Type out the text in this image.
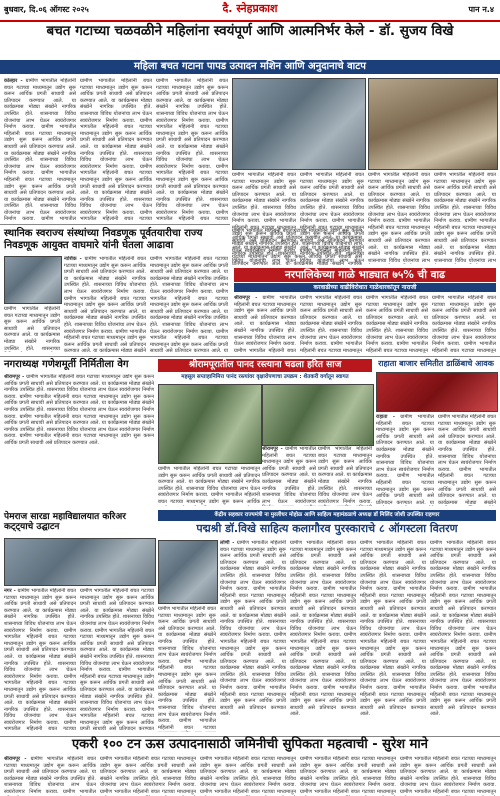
बुधवार, दि.०६ ऑगस्ट २०२५	दै. स्नेहप्रकाश	पान न.४
बचत गटाच्या चळवळीने महिलांना स्वयंपूर्ण आणि आत्मनिर्भर केले - डॉ. सुजय विखे
महिला बचत गटाना पापड उत्पादन मशिन आणि अनुदानाचे वाटप
कोल्हार - ग्रामीण भागातील महिलांनी बचत गटाच्या माध्यमातून उद्योग सुरू करून आर्थिक प्रगती साधावी असे प्रतिपादन करण्यात आले. या कार्यक्रमास मोठ्या संख्येने नागरिक उपस्थित होते. शासनाच्या विविध योजनांचा लाभ घेऊन स्वयंरोजगार निर्माण करावा. ग्रामीण भागातील महिलांनी बचत गटाच्या माध्यमातून उद्योग सुरू करून आर्थिक प्रगती साधावी असे प्रतिपादन करण्यात आले. या कार्यक्रमास मोठ्या संख्येने नागरिक उपस्थित होते. शासनाच्या विविध योजनांचा लाभ घेऊन स्वयंरोजगार निर्माण करावा. ग्रामीण भागातील महिलांनी बचत गटाच्या माध्यमातून उद्योग सुरू करून आर्थिक प्रगती साधावी असे प्रतिपादन करण्यात आले. या कार्यक्रमास मोठ्या संख्येने नागरिक उपस्थित होते. शासनाच्या विविध योजनांचा लाभ घेऊन स्वयंरोजगार निर्माण करावा. ग्रामीण भागातील महिलांनी बचत गटाच्या माध्यमातून उद्योग सुरू करून आर्थिक प्रगती साधावी असे प्रतिपादन करण्यात आले.
ग्रामीण भागातील महिलांनी बचत गटाच्या माध्यमातून उद्योग सुरू करून आर्थिक प्रगती साधावी असे प्रतिपादन करण्यात आले. या कार्यक्रमास मोठ्या संख्येने नागरिक उपस्थित होते. शासनाच्या विविध योजनांचा लाभ घेऊन स्वयंरोजगार निर्माण करावा. ग्रामीण भागातील महिलांनी बचत गटाच्या माध्यमातून उद्योग सुरू करून आर्थिक प्रगती साधावी असे प्रतिपादन करण्यात आले. या कार्यक्रमास मोठ्या संख्येने नागरिक उपस्थित होते. शासनाच्या विविध योजनांचा लाभ घेऊन स्वयंरोजगार निर्माण करावा. ग्रामीण भागातील महिलांनी बचत गटाच्या माध्यमातून उद्योग सुरू करून आर्थिक प्रगती साधावी असे प्रतिपादन करण्यात आले. या कार्यक्रमास मोठ्या संख्येने नागरिक उपस्थित होते. शासनाच्या विविध योजनांचा लाभ घेऊन स्वयंरोजगार निर्माण करावा. ग्रामीण भागातील महिलांनी बचत गटाच्या माध्यमातून उद्योग सुरू करून आर्थिक प्रगती साधावी असे प्रतिपादन करण्यात आले.
ग्रामीण भागातील महिलांनी बचत गटाच्या माध्यमातून उद्योग सुरू करून आर्थिक प्रगती साधावी असे प्रतिपादन करण्यात आले. या कार्यक्रमास मोठ्या संख्येने नागरिक उपस्थित होते. शासनाच्या विविध योजनांचा लाभ घेऊन स्वयंरोजगार निर्माण करावा. ग्रामीण भागातील महिलांनी बचत गटाच्या माध्यमातून उद्योग सुरू करून आर्थिक प्रगती साधावी असे प्रतिपादन करण्यात आले. या कार्यक्रमास मोठ्या संख्येने नागरिक उपस्थित होते. शासनाच्या विविध योजनांचा लाभ घेऊन स्वयंरोजगार निर्माण करावा. ग्रामीण भागातील महिलांनी बचत गटाच्या माध्यमातून उद्योग सुरू करून आर्थिक प्रगती साधावी असे प्रतिपादन करण्यात आले. या कार्यक्रमास मोठ्या संख्येने नागरिक उपस्थित होते. शासनाच्या विविध योजनांचा लाभ घेऊन स्वयंरोजगार निर्माण करावा. ग्रामीण भागातील महिलांनी बचत गटाच्या माध्यमातून उद्योग सुरू करून आर्थिक प्रगती साधावी असे प्रतिपादन करण्यात आले.
ग्रामीण भागातील महिलांनी बचत गटाच्या माध्यमातून उद्योग सुरू करून आर्थिक प्रगती साधावी असे प्रतिपादन करण्यात आले. या कार्यक्रमास मोठ्या संख्येने नागरिक उपस्थित होते. शासनाच्या विविध योजनांचा लाभ घेऊन स्वयंरोजगार निर्माण करावा. ग्रामीण भागातील महिलांनी बचत गटाच्या माध्यमातून उद्योग सुरू करून आर्थिक प्रगती साधावी असे प्रतिपादन करण्यात आले. या कार्यक्रमास मोठ्या संख्येने नागरिक उपस्थित होते. शासनाच्या विविध योजनांचा लाभ घेऊन स्वयंरोजगार निर्माण करावा. ग्रामीण भागातील महिलांनी बचत गटाच्या माध्यमातून उद्योग सुरू करून आर्थिक प्रगती साधावी असे प्रतिपादन करण्यात आले. या कार्यक्रमास मोठ्या संख्येने नागरिक उपस्थित होते. शासनाच्या विविध योजनांचा लाभ घेऊन स्वयंरोजगार निर्माण करावा. ग्रामीण भागातील महिलांनी बचत गटाच्या माध्यमातून उद्योग सुरू करून आर्थिक प्रगती साधावी असे प्रतिपादन करण्यात आले.
ग्रामीण भागातील महिलांनी बचत गटाच्या माध्यमातून उद्योग सुरू करून आर्थिक प्रगती साधावी असे प्रतिपादन करण्यात आले. या कार्यक्रमास मोठ्या संख्येने नागरिक उपस्थित होते. शासनाच्या विविध योजनांचा लाभ घेऊन स्वयंरोजगार निर्माण करावा. ग्रामीण भागातील महिलांनी बचत गटाच्या माध्यमातून उद्योग सुरू करून आर्थिक प्रगती साधावी असे प्रतिपादन करण्यात आले. या कार्यक्रमास मोठ्या संख्येने नागरिक उपस्थित होते. शासनाच्या विविध योजनांचा लाभ घेऊन स्वयंरोजगार निर्माण करावा. ग्रामीण भागातील महिलांनी बचत गटाच्या माध्यमातून उद्योग सुरू करून आर्थिक प्रगती साधावी असे प्रतिपादन करण्यात आले. या कार्यक्रमास मोठ्या संख्येने नागरिक उपस्थित होते. शासनाच्या विविध योजनांचा लाभ घेऊन स्वयंरोजगार निर्माण करावा. ग्रामीण भागातील महिलांनी बचत गटाच्या माध्यमातून उद्योग सुरू करून आर्थिक प्रगती साधावी असे प्रतिपादन करण्यात आले.
ग्रामीण भागातील महिलांनी बचत गटाच्या माध्यमातून उद्योग सुरू करून आर्थिक प्रगती साधावी असे प्रतिपादन करण्यात आले. या कार्यक्रमास मोठ्या संख्येने नागरिक उपस्थित होते. शासनाच्या विविध योजनांचा लाभ घेऊन स्वयंरोजगार निर्माण करावा. ग्रामीण भागातील महिलांनी बचत गटाच्या माध्यमातून उद्योग सुरू करून आर्थिक प्रगती साधावी असे प्रतिपादन करण्यात आले. या कार्यक्रमास मोठ्या संख्येने नागरिक उपस्थित होते. शासनाच्या विविध योजनांचा लाभ घेऊन स्वयंरोजगार निर्माण करावा. ग्रामीण भागातील महिलांनी बचत गटाच्या माध्यमातून उद्योग सुरू करून आर्थिक प्रगती साधावी असे प्रतिपादन करण्यात आले. या कार्यक्रमास मोठ्या संख्येने नागरिक उपस्थित होते. शासनाच्या विविध योजनांचा लाभ घेऊन स्वयंरोजगार निर्माण करावा. ग्रामीण भागातील महिलांनी बचत गटाच्या माध्यमातून उद्योग सुरू करून आर्थिक प्रगती साधावी असे प्रतिपादन करण्यात आले.
ग्रामीण भागातील महिलांनी बचत गटाच्या माध्यमातून उद्योग सुरू करून आर्थिक प्रगती साधावी असे प्रतिपादन करण्यात आले. या कार्यक्रमास मोठ्या संख्येने नागरिक उपस्थित होते. शासनाच्या विविध योजनांचा लाभ घेऊन स्वयंरोजगार निर्माण करावा. ग्रामीण भागातील महिलांनी बचत गटाच्या माध्यमातून उद्योग सुरू करून आर्थिक प्रगती साधावी असे प्रतिपादन करण्यात आले. या कार्यक्रमास मोठ्या संख्येने नागरिक उपस्थित होते. शासनाच्या विविध योजनांचा लाभ घेऊन स्वयंरोजगार निर्माण करावा. ग्रामीण भागातील महिलांनी बचत गटाच्या माध्यमातून उद्योग सुरू करून आर्थिक प्रगती साधावी असे प्रतिपादन करण्यात आले. या कार्यक्रमास मोठ्या संख्येने नागरिक उपस्थित होते. शासनाच्या विविध योजनांचा लाभ घेऊन स्वयंरोजगार निर्माण करावा. ग्रामीण भागातील महिलांनी बचत गटाच्या माध्यमातून उद्योग सुरू करून आर्थिक प्रगती साधावी असे प्रतिपादन करण्यात आले.
स्थानिक स्वराज्य संस्थांच्या निवडणूक पूर्वतयारीचा राज्य निवडणूक आयुक्त वाघमारे यांनी घेतला आढावा
नाशिक - ग्रामीण भागातील महिलांनी बचत गटाच्या माध्यमातून उद्योग सुरू करून आर्थिक प्रगती साधावी असे प्रतिपादन करण्यात आले. या कार्यक्रमास मोठ्या संख्येने नागरिक उपस्थित होते. शासनाच्या विविध योजनांचा लाभ घेऊन स्वयंरोजगार निर्माण करावा. ग्रामीण भागातील महिलांनी बचत गटाच्या माध्यमातून उद्योग सुरू करून आर्थिक प्रगती साधावी असे प्रतिपादन करण्यात आले. या कार्यक्रमास मोठ्या संख्येने नागरिक उपस्थित होते. शासनाच्या विविध योजनांचा लाभ घेऊन स्वयंरोजगार निर्माण करावा. ग्रामीण भागातील महिलांनी बचत गटाच्या माध्यमातून उद्योग सुरू करून आर्थिक प्रगती साधावी असे प्रतिपादन करण्यात आले. या कार्यक्रमास मोठ्या संख्येने नागरिक उपस्थित होते. शासनाच्या विविध योजनांचा लाभ घेऊन स्वयंरोजगार निर्माण करावा. ग्रामीण भागातील महिलांनी बचत गटाच्या माध्यमातून उद्योग सुरू करून आर्थिक प्रगती साधावी असे प्रतिपादन करण्यात आले.
ग्रामीण भागातील महिलांनी बचत गटाच्या माध्यमातून उद्योग सुरू करून आर्थिक प्रगती साधावी असे प्रतिपादन करण्यात आले. या कार्यक्रमास मोठ्या संख्येने नागरिक उपस्थित होते. शासनाच्या विविध योजनांचा लाभ घेऊन स्वयंरोजगार निर्माण करावा. ग्रामीण भागातील महिलांनी बचत गटाच्या माध्यमातून उद्योग सुरू करून आर्थिक प्रगती साधावी असे प्रतिपादन करण्यात आले. या कार्यक्रमास मोठ्या संख्येने नागरिक उपस्थित होते. शासनाच्या विविध योजनांचा लाभ घेऊन स्वयंरोजगार निर्माण करावा. ग्रामीण भागातील महिलांनी बचत गटाच्या माध्यमातून उद्योग सुरू करून आर्थिक प्रगती साधावी असे प्रतिपादन करण्यात आले. या कार्यक्रमास मोठ्या संख्येने नागरिक उपस्थित होते. शासनाच्या विविध योजनांचा लाभ घेऊन स्वयंरोजगार निर्माण करावा. ग्रामीण भागातील महिलांनी बचत गटाच्या माध्यमातून उद्योग सुरू करून आर्थिक प्रगती साधावी असे प्रतिपादन करण्यात आले.
ग्रामीण भागातील महिलांनी बचत गटाच्या माध्यमातून उद्योग सुरू करून आर्थिक प्रगती साधावी असे प्रतिपादन करण्यात आले. या कार्यक्रमास मोठ्या संख्येने नागरिक उपस्थित होते. शासनाच्या विविध योजनांचा लाभ घेऊन स्वयंरोजगार निर्माण करावा. ग्रामीण भागातील महिलांनी बचत गटाच्या माध्यमातून उद्योग सुरू करून आर्थिक प्रगती साधावी असे प्रतिपादन करण्यात आले. या कार्यक्रमास मोठ्या संख्येने नागरिक उपस्थित होते. शासनाच्या विविध योजनांचा लाभ घेऊन स्वयंरोजगार निर्माण करावा. ग्रामीण भागातील महिलांनी बचत गटाच्या माध्यमातून उद्योग सुरू करून आर्थिक प्रगती साधावी असे प्रतिपादन करण्यात आले. या कार्यक्रमास मोठ्या संख्येने नागरिक उपस्थित होते. शासनाच्या विविध योजनांचा लाभ घेऊन स्वयंरोजगार निर्माण करावा. ग्रामीण भागातील महिलांनी बचत गटाच्या माध्यमातून उद्योग सुरू करून आर्थिक प्रगती साधावी असे प्रतिपादन करण्यात आले.
ग्रामीण भागातील महिलांनी बचत गटाच्या माध्यमातून उद्योग सुरू करून आर्थिक प्रगती साधावी असे प्रतिपादन करण्यात आले. या कार्यक्रमास मोठ्या संख्येने नागरिक उपस्थित होते. शासनाच्या विविध योजनांचा लाभ घेऊन स्वयंरोजगार निर्माण करावा. ग्रामीण भागातील महिलांनी बचत गटाच्या माध्यमातून उद्योग सुरू करून आर्थिक प्रगती साधावी असे प्रतिपादन करण्यात आले. या कार्यक्रमास मोठ्या संख्येने नागरिक उपस्थित होते. शासनाच्या विविध योजनांचा लाभ घेऊन स्वयंरोजगार निर्माण करावा. ग्रामीण भागातील महिलांनी बचत गटाच्या माध्यमातून उद्योग सुरू करून आर्थिक प्रगती साधावी असे प्रतिपादन करण्यात आले. या कार्यक्रमास मोठ्या संख्येने नागरिक उपस्थित होते. शासनाच्या विविध योजनांचा लाभ घेऊन स्वयंरोजगार निर्माण करावा. ग्रामीण भागातील महिलांनी बचत गटाच्या माध्यमातून उद्योग सुरू करून आर्थिक प्रगती साधावी असे प्रतिपादन करण्यात आले.
नरपालिकेच्या गाळे भाड्यात ७५% ची वाढ
करवाढीच्या वाढीविरोधात गाळेधारकांतून नाराजी
श्रीरामपूर - ग्रामीण भागातील महिलांनी बचत गटाच्या माध्यमातून उद्योग सुरू करून आर्थिक प्रगती साधावी असे प्रतिपादन करण्यात आले. या कार्यक्रमास मोठ्या संख्येने नागरिक उपस्थित होते. शासनाच्या विविध योजनांचा लाभ घेऊन स्वयंरोजगार निर्माण करावा. ग्रामीण भागातील महिलांनी बचत गटाच्या माध्यमातून उद्योग सुरू करून आर्थिक प्रगती साधावी असे प्रतिपादन करण्यात आले. या कार्यक्रमास मोठ्या संख्येने नागरिक उपस्थित होते. शासनाच्या विविध योजनांचा लाभ घेऊन स्वयंरोजगार निर्माण करावा. ग्रामीण भागातील महिलांनी बचत गटाच्या माध्यमातून उद्योग सुरू करून आर्थिक प्रगती साधावी असे प्रतिपादन करण्यात आले. या कार्यक्रमास मोठ्या संख्येने नागरिक उपस्थित होते. शासनाच्या विविध योजनांचा लाभ घेऊन स्वयंरोजगार निर्माण करावा. ग्रामीण भागातील महिलांनी बचत गटाच्या माध्यमातून उद्योग सुरू करून आर्थिक प्रगती साधावी असे प्रतिपादन करण्यात आले.
ग्रामीण भागातील महिलांनी बचत गटाच्या माध्यमातून उद्योग सुरू करून आर्थिक प्रगती साधावी असे प्रतिपादन करण्यात आले. या कार्यक्रमास मोठ्या संख्येने नागरिक उपस्थित होते. शासनाच्या विविध योजनांचा लाभ घेऊन स्वयंरोजगार निर्माण करावा. ग्रामीण भागातील महिलांनी बचत गटाच्या माध्यमातून उद्योग सुरू करून आर्थिक प्रगती साधावी असे प्रतिपादन करण्यात आले. या कार्यक्रमास मोठ्या संख्येने नागरिक उपस्थित होते. शासनाच्या विविध योजनांचा लाभ घेऊन स्वयंरोजगार निर्माण करावा. ग्रामीण भागातील महिलांनी बचत गटाच्या माध्यमातून उद्योग सुरू करून आर्थिक प्रगती साधावी असे प्रतिपादन करण्यात आले. या कार्यक्रमास मोठ्या संख्येने नागरिक उपस्थित होते. शासनाच्या विविध योजनांचा लाभ घेऊन स्वयंरोजगार निर्माण करावा. ग्रामीण भागातील महिलांनी बचत गटाच्या माध्यमातून उद्योग सुरू करून आर्थिक प्रगती साधावी असे प्रतिपादन करण्यात आले.
ग्रामीण भागातील महिलांनी बचत गटाच्या माध्यमातून उद्योग सुरू करून आर्थिक प्रगती साधावी असे प्रतिपादन करण्यात आले. या कार्यक्रमास मोठ्या संख्येने नागरिक उपस्थित होते. शासनाच्या विविध योजनांचा लाभ घेऊन स्वयंरोजगार निर्माण करावा. ग्रामीण भागातील महिलांनी बचत गटाच्या माध्यमातून उद्योग सुरू करून आर्थिक प्रगती साधावी असे प्रतिपादन करण्यात आले. या कार्यक्रमास मोठ्या संख्येने नागरिक उपस्थित होते. शासनाच्या विविध योजनांचा लाभ घेऊन स्वयंरोजगार निर्माण करावा. ग्रामीण भागातील महिलांनी बचत गटाच्या माध्यमातून उद्योग सुरू करून आर्थिक प्रगती साधावी असे प्रतिपादन करण्यात आले. या कार्यक्रमास मोठ्या संख्येने नागरिक उपस्थित होते. शासनाच्या विविध योजनांचा लाभ घेऊन स्वयंरोजगार निर्माण करावा. ग्रामीण भागातील महिलांनी बचत गटाच्या माध्यमातून उद्योग सुरू करून आर्थिक प्रगती साधावी असे प्रतिपादन करण्यात आले.
ग्रामीण भागातील महिलांनी बचत गटाच्या माध्यमातून उद्योग सुरू करून आर्थिक प्रगती साधावी असे प्रतिपादन करण्यात आले. या कार्यक्रमास मोठ्या संख्येने नागरिक उपस्थित होते. शासनाच्या विविध योजनांचा लाभ घेऊन स्वयंरोजगार निर्माण करावा. ग्रामीण भागातील महिलांनी बचत गटाच्या माध्यमातून उद्योग सुरू करून आर्थिक प्रगती साधावी असे प्रतिपादन करण्यात आले. या कार्यक्रमास मोठ्या संख्येने नागरिक उपस्थित होते. शासनाच्या विविध योजनांचा लाभ घेऊन स्वयंरोजगार निर्माण करावा. ग्रामीण भागातील महिलांनी बचत गटाच्या माध्यमातून उद्योग सुरू करून आर्थिक प्रगती साधावी असे प्रतिपादन करण्यात आले. या कार्यक्रमास मोठ्या संख्येने नागरिक उपस्थित होते. शासनाच्या विविध योजनांचा लाभ घेऊन स्वयंरोजगार निर्माण करावा. ग्रामीण भागातील महिलांनी बचत गटाच्या माध्यमातून उद्योग सुरू करून आर्थिक प्रगती साधावी असे प्रतिपादन करण्यात आले.
नगराध्यक्ष गणेशमूर्ती निर्मितीला वेग
श्रीरामपूर - ग्रामीण भागातील महिलांनी बचत गटाच्या माध्यमातून उद्योग सुरू करून आर्थिक प्रगती साधावी असे प्रतिपादन करण्यात आले. या कार्यक्रमास मोठ्या संख्येने नागरिक उपस्थित होते. शासनाच्या विविध योजनांचा लाभ घेऊन स्वयंरोजगार निर्माण करावा. ग्रामीण भागातील महिलांनी बचत गटाच्या माध्यमातून उद्योग सुरू करून आर्थिक प्रगती साधावी असे प्रतिपादन करण्यात आले. या कार्यक्रमास मोठ्या संख्येने नागरिक उपस्थित होते. शासनाच्या विविध योजनांचा लाभ घेऊन स्वयंरोजगार निर्माण करावा. ग्रामीण भागातील महिलांनी बचत गटाच्या माध्यमातून उद्योग सुरू करून आर्थिक प्रगती साधावी असे प्रतिपादन करण्यात आले. या कार्यक्रमास मोठ्या संख्येने नागरिक उपस्थित होते. शासनाच्या विविध योजनांचा लाभ घेऊन स्वयंरोजगार निर्माण करावा. ग्रामीण भागातील महिलांनी बचत गटाच्या माध्यमातून उद्योग सुरू करून आर्थिक प्रगती साधावी असे प्रतिपादन करण्यात आले.
श्रीरामपूरातील पानद रस्त्याना चढला हरित साज
महसूल सप्ताहानिमित्त पानंद रस्त्यांवर वृक्षारोपणाचा उपक्रम : शेतकरी वर्गातून स्वागत
श्रीरामपूर - ग्रामीण भागातील महिलांनी बचत गटाच्या माध्यमातून उद्योग सुरू करून आर्थिक प्रगती साधावी असे प्रतिपादन करण्यात आले. या कार्यक्रमास मोठ्या संख्येने नागरिक उपस्थित होते. शासनाच्या विविध योजनांचा लाभ घेऊन स्वयंरोजगार निर्माण करावा. ग्रामीण भागातील महिलांनी बचत गटाच्या माध्यमातून उद्योग सुरू करून आर्थिक प्रगती साधावी असे प्रतिपादन करण्यात आले. या कार्यक्रमास मोठ्या संख्येने नागरिक उपस्थित होते. शासनाच्या विविध योजनांचा लाभ घेऊन स्वयंरोजगार निर्माण करावा. ग्रामीण भागातील महिलांनी बचत गटाच्या माध्यमातून उद्योग सुरू करून आर्थिक प्रगती साधावी असे प्रतिपादन करण्यात आले. या कार्यक्रमास मोठ्या संख्येने नागरिक उपस्थित होते. शासनाच्या विविध योजनांचा लाभ घेऊन स्वयंरोजगार निर्माण करावा. ग्रामीण भागातील महिलांनी बचत गटाच्या माध्यमातून उद्योग सुरू करून आर्थिक प्रगती साधावी असे प्रतिपादन करण्यात आले.
ग्रामीण भागातील महिलांनी बचत गटाच्या माध्यमातून उद्योग सुरू करून आर्थिक प्रगती साधावी असे प्रतिपादन करण्यात आले. या कार्यक्रमास मोठ्या संख्येने नागरिक उपस्थित होते. शासनाच्या विविध योजनांचा लाभ घेऊन स्वयंरोजगार निर्माण करावा. ग्रामीण भागातील महिलांनी बचत गटाच्या माध्यमातून उद्योग सुरू करून आर्थिक प्रगती साधावी असे प्रतिपादन करण्यात आले. या कार्यक्रमास मोठ्या संख्येने नागरिक उपस्थित होते. शासनाच्या विविध योजनांचा लाभ घेऊन स्वयंरोजगार निर्माण करावा. ग्रामीण भागातील महिलांनी बचत गटाच्या माध्यमातून उद्योग सुरू करून आर्थिक प्रगती साधावी असे प्रतिपादन करण्यात आले. या कार्यक्रमास मोठ्या संख्येने नागरिक उपस्थित होते. शासनाच्या विविध योजनांचा लाभ घेऊन स्वयंरोजगार निर्माण करावा. ग्रामीण भागातील महिलांनी बचत गटाच्या माध्यमातून उद्योग सुरू करून आर्थिक प्रगती साधावी असे प्रतिपादन करण्यात आले.
ग्रामीण भागातील महिलांनी बचत गटाच्या माध्यमातून उद्योग सुरू करून आर्थिक प्रगती साधावी असे प्रतिपादन करण्यात आले. या कार्यक्रमास मोठ्या संख्येने नागरिक उपस्थित होते. शासनाच्या विविध योजनांचा लाभ घेऊन स्वयंरोजगार निर्माण करावा. ग्रामीण भागातील महिलांनी बचत गटाच्या माध्यमातून उद्योग सुरू करून आर्थिक प्रगती साधावी असे प्रतिपादन करण्यात आले. या कार्यक्रमास मोठ्या संख्येने नागरिक उपस्थित होते. शासनाच्या विविध योजनांचा लाभ घेऊन स्वयंरोजगार निर्माण करावा. ग्रामीण भागातील महिलांनी बचत गटाच्या माध्यमातून उद्योग सुरू करून आर्थिक प्रगती साधावी असे प्रतिपादन करण्यात आले. या कार्यक्रमास मोठ्या संख्येने नागरिक उपस्थित होते. शासनाच्या विविध योजनांचा लाभ घेऊन स्वयंरोजगार निर्माण करावा. ग्रामीण भागातील महिलांनी बचत गटाच्या माध्यमातून उद्योग सुरू करून आर्थिक प्रगती साधावी असे प्रतिपादन करण्यात आले.
राहाता बाजार समितीत डाळिंबाचे आवक
राहाता - ग्रामीण भागातील महिलांनी बचत गटाच्या माध्यमातून उद्योग सुरू करून आर्थिक प्रगती साधावी असे प्रतिपादन करण्यात आले. या कार्यक्रमास मोठ्या संख्येने नागरिक उपस्थित होते. शासनाच्या विविध योजनांचा लाभ घेऊन स्वयंरोजगार निर्माण करावा. ग्रामीण भागातील महिलांनी बचत गटाच्या माध्यमातून उद्योग सुरू करून आर्थिक प्रगती साधावी असे प्रतिपादन करण्यात आले. या कार्यक्रमास मोठ्या संख्येने नागरिक उपस्थित होते. शासनाच्या विविध योजनांचा लाभ घेऊन स्वयंरोजगार निर्माण करावा. ग्रामीण भागातील महिलांनी बचत गटाच्या माध्यमातून उद्योग सुरू करून आर्थिक प्रगती साधावी असे प्रतिपादन करण्यात आले. या कार्यक्रमास मोठ्या संख्येने नागरिक उपस्थित होते. शासनाच्या विविध योजनांचा लाभ घेऊन स्वयंरोजगार निर्माण करावा. ग्रामीण भागातील महिलांनी बचत गटाच्या माध्यमातून उद्योग सुरू करून आर्थिक प्रगती साधावी असे प्रतिपादन करण्यात आले.
ग्रामीण भागातील महिलांनी बचत गटाच्या माध्यमातून उद्योग सुरू करून आर्थिक प्रगती साधावी असे प्रतिपादन करण्यात आले. या कार्यक्रमास मोठ्या संख्येने नागरिक उपस्थित होते. शासनाच्या विविध योजनांचा लाभ घेऊन स्वयंरोजगार निर्माण करावा. ग्रामीण भागातील महिलांनी बचत गटाच्या माध्यमातून उद्योग सुरू करून आर्थिक प्रगती साधावी असे प्रतिपादन करण्यात आले. या कार्यक्रमास मोठ्या संख्येने नागरिक उपस्थित होते. शासनाच्या विविध योजनांचा लाभ घेऊन स्वयंरोजगार निर्माण करावा. ग्रामीण भागातील महिलांनी बचत गटाच्या माध्यमातून उद्योग सुरू करून आर्थिक प्रगती साधावी असे प्रतिपादन करण्यात आले. या कार्यक्रमास मोठ्या संख्येने नागरिक उपस्थित होते. शासनाच्या विविध योजनांचा लाभ घेऊन स्वयंरोजगार निर्माण करावा. ग्रामीण भागातील महिलांनी बचत गटाच्या माध्यमातून उद्योग सुरू करून आर्थिक प्रगती साधावी असे प्रतिपादन करण्यात आले.
पेमराज सारडा महाविद्यालयात करिअर कट्ट्याचे उद्घाटन
नगर - ग्रामीण भागातील महिलांनी बचत गटाच्या माध्यमातून उद्योग सुरू करून आर्थिक प्रगती साधावी असे प्रतिपादन करण्यात आले. या कार्यक्रमास मोठ्या संख्येने नागरिक उपस्थित होते. शासनाच्या विविध योजनांचा लाभ घेऊन स्वयंरोजगार निर्माण करावा. ग्रामीण भागातील महिलांनी बचत गटाच्या माध्यमातून उद्योग सुरू करून आर्थिक प्रगती साधावी असे प्रतिपादन करण्यात आले. या कार्यक्रमास मोठ्या संख्येने नागरिक उपस्थित होते. शासनाच्या विविध योजनांचा लाभ घेऊन स्वयंरोजगार निर्माण करावा. ग्रामीण भागातील महिलांनी बचत गटाच्या माध्यमातून उद्योग सुरू करून आर्थिक प्रगती साधावी असे प्रतिपादन करण्यात आले. या कार्यक्रमास मोठ्या संख्येने नागरिक उपस्थित होते. शासनाच्या विविध योजनांचा लाभ घेऊन स्वयंरोजगार निर्माण करावा. ग्रामीण भागातील महिलांनी बचत गटाच्या माध्यमातून उद्योग सुरू करून आर्थिक प्रगती साधावी असे प्रतिपादन करण्यात आले.
ग्रामीण भागातील महिलांनी बचत गटाच्या माध्यमातून उद्योग सुरू करून आर्थिक प्रगती साधावी असे प्रतिपादन करण्यात आले. या कार्यक्रमास मोठ्या संख्येने नागरिक उपस्थित होते. शासनाच्या विविध योजनांचा लाभ घेऊन स्वयंरोजगार निर्माण करावा. ग्रामीण भागातील महिलांनी बचत गटाच्या माध्यमातून उद्योग सुरू करून आर्थिक प्रगती साधावी असे प्रतिपादन करण्यात आले. या कार्यक्रमास मोठ्या संख्येने नागरिक उपस्थित होते. शासनाच्या विविध योजनांचा लाभ घेऊन स्वयंरोजगार निर्माण करावा. ग्रामीण भागातील महिलांनी बचत गटाच्या माध्यमातून उद्योग सुरू करून आर्थिक प्रगती साधावी असे प्रतिपादन करण्यात आले. या कार्यक्रमास मोठ्या संख्येने नागरिक उपस्थित होते. शासनाच्या विविध योजनांचा लाभ घेऊन स्वयंरोजगार निर्माण करावा. ग्रामीण भागातील महिलांनी बचत गटाच्या माध्यमातून उद्योग सुरू करून आर्थिक प्रगती साधावी असे प्रतिपादन करण्यात आले.
केंद्रीय सहकार राज्यमंत्री ना मुरलीधर मोहोळ आणि साहित्य महामंडळाचे अध्यक्ष डॉ मिलिंद जोशी उपस्थित राहणार
पद्मश्री डॉ.विखे साहित्य कलागौरव पुरस्काराचे ८ ऑगस्टला वितरण
लोणी - ग्रामीण भागातील महिलांनी बचत गटाच्या माध्यमातून उद्योग सुरू करून आर्थिक प्रगती साधावी असे प्रतिपादन करण्यात आले. या कार्यक्रमास मोठ्या संख्येने नागरिक उपस्थित होते. शासनाच्या विविध योजनांचा लाभ घेऊन स्वयंरोजगार निर्माण करावा. ग्रामीण भागातील महिलांनी बचत गटाच्या माध्यमातून उद्योग सुरू करून आर्थिक प्रगती साधावी असे प्रतिपादन करण्यात आले. या कार्यक्रमास मोठ्या संख्येने नागरिक उपस्थित होते. शासनाच्या विविध योजनांचा लाभ घेऊन स्वयंरोजगार निर्माण करावा. ग्रामीण भागातील महिलांनी बचत गटाच्या माध्यमातून उद्योग सुरू करून आर्थिक प्रगती साधावी असे प्रतिपादन करण्यात आले. या कार्यक्रमास मोठ्या संख्येने नागरिक उपस्थित होते. शासनाच्या विविध योजनांचा लाभ घेऊन स्वयंरोजगार निर्माण करावा. ग्रामीण भागातील महिलांनी बचत गटाच्या माध्यमातून उद्योग सुरू करून आर्थिक प्रगती साधावी असे प्रतिपादन करण्यात आले.
ग्रामीण भागातील महिलांनी बचत गटाच्या माध्यमातून उद्योग सुरू करून आर्थिक प्रगती साधावी असे प्रतिपादन करण्यात आले. या कार्यक्रमास मोठ्या संख्येने नागरिक उपस्थित होते. शासनाच्या विविध योजनांचा लाभ घेऊन स्वयंरोजगार निर्माण करावा. ग्रामीण भागातील महिलांनी बचत गटाच्या माध्यमातून उद्योग सुरू करून आर्थिक प्रगती साधावी असे प्रतिपादन करण्यात आले. या कार्यक्रमास मोठ्या संख्येने नागरिक उपस्थित होते. शासनाच्या विविध योजनांचा लाभ घेऊन स्वयंरोजगार निर्माण करावा. ग्रामीण भागातील महिलांनी बचत गटाच्या माध्यमातून उद्योग सुरू करून आर्थिक प्रगती साधावी असे प्रतिपादन करण्यात आले. या कार्यक्रमास मोठ्या संख्येने नागरिक उपस्थित होते. शासनाच्या विविध योजनांचा लाभ घेऊन स्वयंरोजगार निर्माण करावा. ग्रामीण भागातील महिलांनी बचत गटाच्या माध्यमातून उद्योग सुरू करून आर्थिक प्रगती साधावी असे प्रतिपादन करण्यात आले.
ग्रामीण भागातील महिलांनी बचत गटाच्या माध्यमातून उद्योग सुरू करून आर्थिक प्रगती साधावी असे प्रतिपादन करण्यात आले. या कार्यक्रमास मोठ्या संख्येने नागरिक उपस्थित होते. शासनाच्या विविध योजनांचा लाभ घेऊन स्वयंरोजगार निर्माण करावा. ग्रामीण भागातील महिलांनी बचत गटाच्या माध्यमातून उद्योग सुरू करून आर्थिक प्रगती साधावी असे प्रतिपादन करण्यात आले. या कार्यक्रमास मोठ्या संख्येने नागरिक उपस्थित होते. शासनाच्या विविध योजनांचा लाभ घेऊन स्वयंरोजगार निर्माण करावा. ग्रामीण भागातील महिलांनी बचत गटाच्या माध्यमातून उद्योग सुरू करून आर्थिक प्रगती साधावी असे प्रतिपादन करण्यात आले. या कार्यक्रमास मोठ्या संख्येने नागरिक उपस्थित होते. शासनाच्या विविध योजनांचा लाभ घेऊन स्वयंरोजगार निर्माण करावा. ग्रामीण भागातील महिलांनी बचत गटाच्या माध्यमातून उद्योग सुरू करून आर्थिक प्रगती साधावी असे प्रतिपादन करण्यात आले.
ग्रामीण भागातील महिलांनी बचत गटाच्या माध्यमातून उद्योग सुरू करून आर्थिक प्रगती साधावी असे प्रतिपादन करण्यात आले. या कार्यक्रमास मोठ्या संख्येने नागरिक उपस्थित होते. शासनाच्या विविध योजनांचा लाभ घेऊन स्वयंरोजगार निर्माण करावा. ग्रामीण भागातील महिलांनी बचत गटाच्या माध्यमातून उद्योग सुरू करून आर्थिक प्रगती साधावी असे प्रतिपादन करण्यात आले. या कार्यक्रमास मोठ्या संख्येने नागरिक उपस्थित होते. शासनाच्या विविध योजनांचा लाभ घेऊन स्वयंरोजगार निर्माण करावा. ग्रामीण भागातील महिलांनी बचत गटाच्या माध्यमातून उद्योग सुरू करून आर्थिक प्रगती साधावी असे प्रतिपादन करण्यात आले. या कार्यक्रमास मोठ्या संख्येने नागरिक उपस्थित होते. शासनाच्या विविध योजनांचा लाभ घेऊन स्वयंरोजगार निर्माण करावा. ग्रामीण भागातील महिलांनी बचत गटाच्या माध्यमातून उद्योग सुरू करून आर्थिक प्रगती साधावी असे प्रतिपादन करण्यात आले.
ग्रामीण भागातील महिलांनी बचत गटाच्या माध्यमातून उद्योग सुरू करून आर्थिक प्रगती साधावी असे प्रतिपादन करण्यात आले. या कार्यक्रमास मोठ्या संख्येने नागरिक उपस्थित होते. शासनाच्या विविध योजनांचा लाभ घेऊन स्वयंरोजगार निर्माण करावा. ग्रामीण भागातील महिलांनी बचत गटाच्या माध्यमातून उद्योग सुरू करून आर्थिक प्रगती साधावी असे प्रतिपादन करण्यात आले. या कार्यक्रमास मोठ्या संख्येने नागरिक उपस्थित होते. शासनाच्या विविध योजनांचा लाभ घेऊन स्वयंरोजगार निर्माण करावा. ग्रामीण भागातील महिलांनी बचत गटाच्या माध्यमातून उद्योग सुरू करून आर्थिक प्रगती साधावी असे प्रतिपादन करण्यात आले. या कार्यक्रमास मोठ्या संख्येने नागरिक उपस्थित होते. शासनाच्या विविध योजनांचा लाभ घेऊन स्वयंरोजगार निर्माण करावा. ग्रामीण भागातील महिलांनी बचत गटाच्या माध्यमातून उद्योग सुरू करून आर्थिक प्रगती साधावी असे प्रतिपादन करण्यात आले.
एकरी १०० टन ऊस उत्पादनासाठी जमिनीची सुपिकता महत्वाची - सुरेश माने
श्रीरामपूर - ग्रामीण भागातील महिलांनी बचत गटाच्या माध्यमातून उद्योग सुरू करून आर्थिक प्रगती साधावी असे प्रतिपादन करण्यात आले. या कार्यक्रमास मोठ्या संख्येने नागरिक उपस्थित होते. शासनाच्या विविध योजनांचा लाभ घेऊन स्वयंरोजगार निर्माण करावा. ग्रामीण भागातील महिलांनी बचत गटाच्या माध्यमातून उद्योग सुरू करून आर्थिक प्रगती साधावी असे प्रतिपादन करण्यात आले. या कार्यक्रमास मोठ्या संख्येने नागरिक उपस्थित होते. शासनाच्या विविध योजनांचा लाभ घेऊन स्वयंरोजगार निर्माण करावा. ग्रामीण भागातील महिलांनी बचत गटाच्या माध्यमातून उद्योग सुरू करून आर्थिक प्रगती साधावी असे प्रतिपादन करण्यात आले. या कार्यक्रमास मोठ्या संख्येने नागरिक उपस्थित होते. शासनाच्या विविध योजनांचा लाभ घेऊन स्वयंरोजगार निर्माण करावा. ग्रामीण भागातील महिलांनी बचत गटाच्या माध्यमातून उद्योग सुरू करून आर्थिक प्रगती साधावी असे प्रतिपादन करण्यात आले.
ग्रामीण भागातील महिलांनी बचत गटाच्या माध्यमातून उद्योग सुरू करून आर्थिक प्रगती साधावी असे प्रतिपादन करण्यात आले. या कार्यक्रमास मोठ्या संख्येने नागरिक उपस्थित होते. शासनाच्या विविध योजनांचा लाभ घेऊन स्वयंरोजगार निर्माण करावा. ग्रामीण भागातील महिलांनी बचत गटाच्या माध्यमातून उद्योग सुरू करून आर्थिक प्रगती साधावी असे प्रतिपादन करण्यात आले. या कार्यक्रमास मोठ्या संख्येने नागरिक उपस्थित होते. शासनाच्या विविध योजनांचा लाभ घेऊन स्वयंरोजगार निर्माण करावा. ग्रामीण भागातील महिलांनी बचत गटाच्या माध्यमातून उद्योग सुरू करून आर्थिक प्रगती साधावी असे प्रतिपादन करण्यात आले. या कार्यक्रमास मोठ्या संख्येने नागरिक उपस्थित होते. शासनाच्या विविध योजनांचा लाभ घेऊन स्वयंरोजगार निर्माण करावा. ग्रामीण भागातील महिलांनी बचत गटाच्या माध्यमातून उद्योग सुरू करून आर्थिक प्रगती साधावी असे प्रतिपादन करण्यात आले.
ग्रामीण भागातील महिलांनी बचत गटाच्या माध्यमातून उद्योग सुरू करून आर्थिक प्रगती साधावी असे प्रतिपादन करण्यात आले. या कार्यक्रमास मोठ्या संख्येने नागरिक उपस्थित होते. शासनाच्या विविध योजनांचा लाभ घेऊन स्वयंरोजगार निर्माण करावा. ग्रामीण भागातील महिलांनी बचत गटाच्या माध्यमातून उद्योग सुरू करून आर्थिक प्रगती साधावी असे प्रतिपादन करण्यात आले. या कार्यक्रमास मोठ्या संख्येने नागरिक उपस्थित होते. शासनाच्या विविध योजनांचा लाभ घेऊन स्वयंरोजगार निर्माण करावा. ग्रामीण भागातील महिलांनी बचत गटाच्या माध्यमातून उद्योग सुरू करून आर्थिक प्रगती साधावी असे प्रतिपादन करण्यात आले. या कार्यक्रमास मोठ्या संख्येने नागरिक उपस्थित होते. शासनाच्या विविध योजनांचा लाभ घेऊन स्वयंरोजगार निर्माण करावा. ग्रामीण भागातील महिलांनी बचत गटाच्या माध्यमातून उद्योग सुरू करून आर्थिक प्रगती साधावी असे प्रतिपादन करण्यात आले.
ग्रामीण भागातील महिलांनी बचत गटाच्या माध्यमातून उद्योग सुरू करून आर्थिक प्रगती साधावी असे प्रतिपादन करण्यात आले. या कार्यक्रमास मोठ्या संख्येने नागरिक उपस्थित होते. शासनाच्या विविध योजनांचा लाभ घेऊन स्वयंरोजगार निर्माण करावा. ग्रामीण भागातील महिलांनी बचत गटाच्या माध्यमातून उद्योग सुरू करून आर्थिक प्रगती साधावी असे प्रतिपादन करण्यात आले. या कार्यक्रमास मोठ्या संख्येने नागरिक उपस्थित होते. शासनाच्या विविध योजनांचा लाभ घेऊन स्वयंरोजगार निर्माण करावा. ग्रामीण भागातील महिलांनी बचत गटाच्या माध्यमातून उद्योग सुरू करून आर्थिक प्रगती साधावी असे प्रतिपादन करण्यात आले. या कार्यक्रमास मोठ्या संख्येने नागरिक उपस्थित होते. शासनाच्या विविध योजनांचा लाभ घेऊन स्वयंरोजगार निर्माण करावा. ग्रामीण भागातील महिलांनी बचत गटाच्या माध्यमातून उद्योग सुरू करून आर्थिक प्रगती साधावी असे प्रतिपादन करण्यात आले.
ग्रामीण भागातील महिलांनी बचत गटाच्या माध्यमातून उद्योग सुरू करून आर्थिक प्रगती साधावी असे प्रतिपादन करण्यात आले. या कार्यक्रमास मोठ्या संख्येने नागरिक उपस्थित होते. शासनाच्या विविध योजनांचा लाभ घेऊन स्वयंरोजगार निर्माण करावा. ग्रामीण भागातील महिलांनी बचत गटाच्या माध्यमातून उद्योग सुरू करून आर्थिक प्रगती साधावी असे प्रतिपादन करण्यात आले. या कार्यक्रमास मोठ्या संख्येने नागरिक उपस्थित होते. शासनाच्या विविध योजनांचा लाभ घेऊन स्वयंरोजगार निर्माण करावा. ग्रामीण भागातील महिलांनी बचत गटाच्या माध्यमातून उद्योग सुरू करून आर्थिक प्रगती साधावी असे प्रतिपादन करण्यात आले. या कार्यक्रमास मोठ्या संख्येने नागरिक उपस्थित होते. शासनाच्या विविध योजनांचा लाभ घेऊन स्वयंरोजगार निर्माण करावा. ग्रामीण भागातील महिलांनी बचत गटाच्या माध्यमातून उद्योग सुरू करून आर्थिक प्रगती साधावी असे प्रतिपादन करण्यात आले.
